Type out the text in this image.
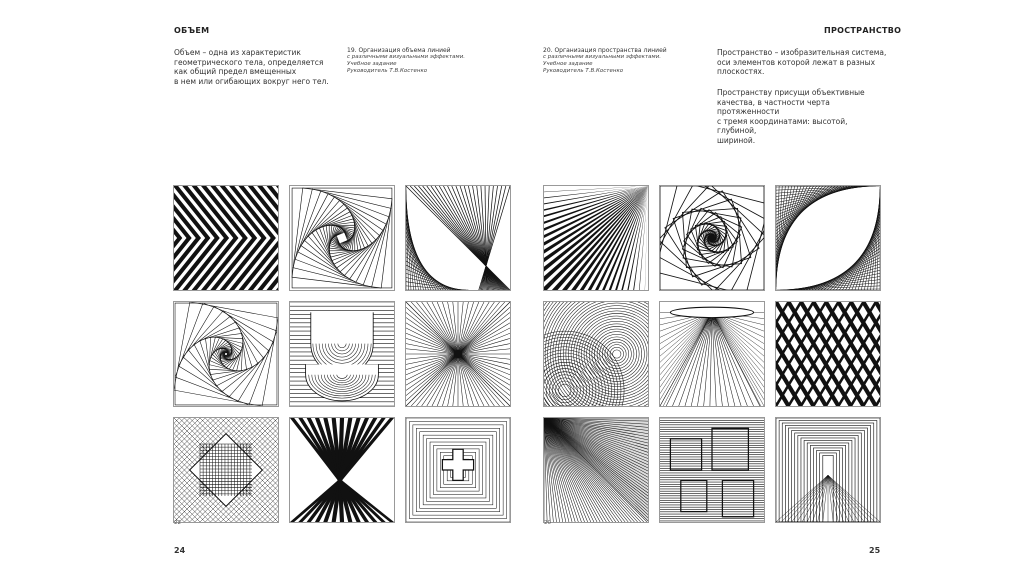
ОБЪЕМ
Объем – одна из характеристик
геометрического тела, определяется
как общий предел вмещенных
в нем или огибающих вокруг него тел.
19. Организация объема линией
с различными визуальными эффектами.
Учебное задание
Руководитель Т.В.Костенко
22
24
20. Организация пространства линией
с различными визуальными эффектами.
Учебное задание
Руководитель Т.В.Костенко
ПРОСТРАНСТВО
Пространство – изобразительная система,
оси элементов которой лежат в разных
плоскостях.
Пространству присущи объективные
качества, в частности черта протяженности
с тремя координатами: высотой, глубиной,
шириной.
20
25
